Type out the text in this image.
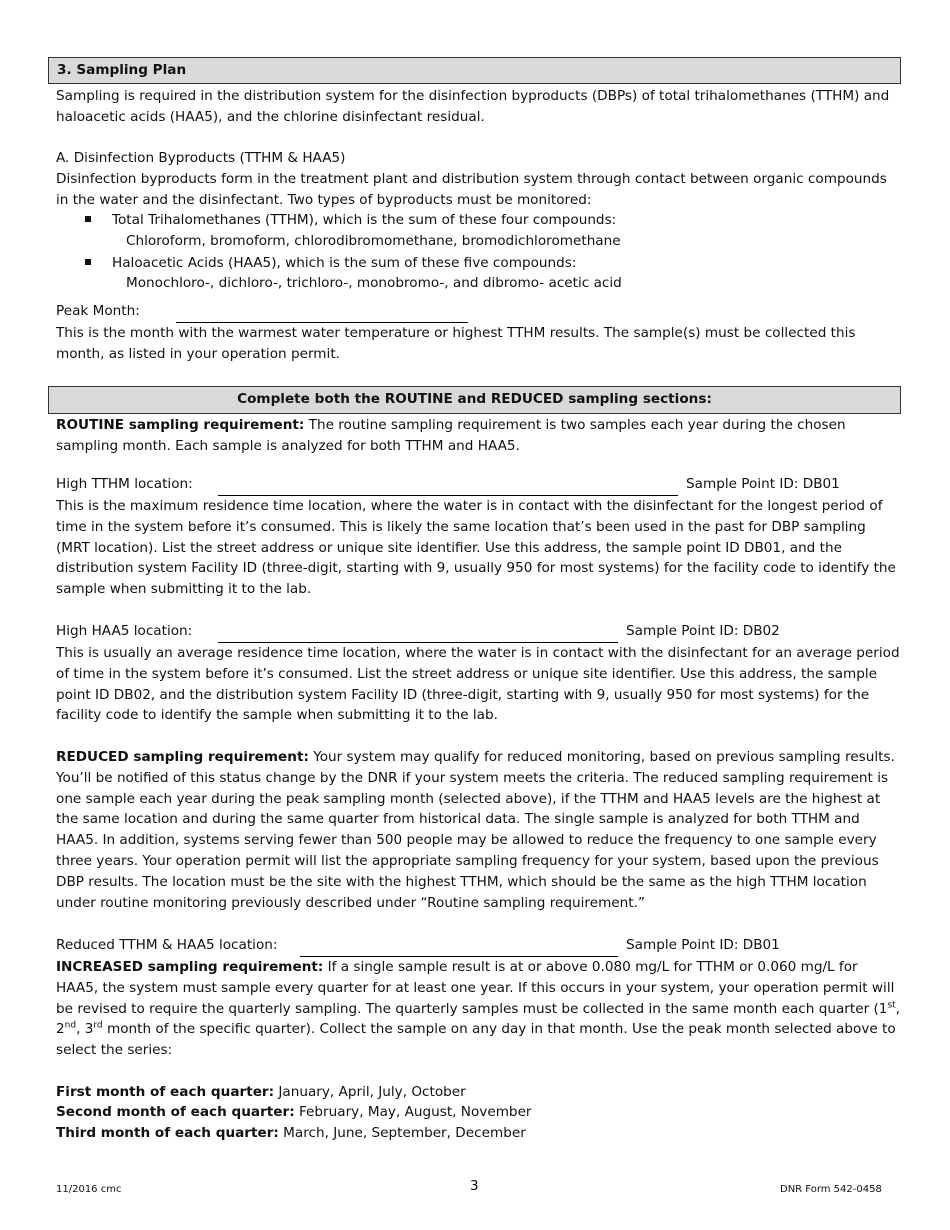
3. Sampling Plan

Sampling is required in the distribution system for the disinfection byproducts (DBPs) of total trihalomethanes (TTHM) and haloacetic acids (HAA5), and the chlorine disinfectant residual.

A. Disinfection Byproducts (TTHM & HAA5)

Disinfection byproducts form in the treatment plant and distribution system through contact between organic compounds in the water and the disinfectant. Two types of byproducts must be monitored:

Total Trihalomethanes (TTHM), which is the sum of these four compounds:

Chloroform, bromoform, chlorodibromomethane, bromodichloromethane

Haloacetic Acids (HAA5), which is the sum of these five compounds:

Monochloro-, dichloro-, trichloro-, monobromo-, and dibromo- acetic acid

Peak Month:

This is the month with the warmest water temperature or highest TTHM results. The sample(s) must be collected this month, as listed in your operation permit.

Complete both the ROUTINE and REDUCED sampling sections:

ROUTINE sampling requirement: The routine sampling requirement is two samples each year during the chosen sampling month. Each sample is analyzed for both TTHM and HAA5.

High TTHM location:	Sample Point ID: DB01

This is the maximum residence time location, where the water is in contact with the disinfectant for the longest period of time in the system before it’s consumed. This is likely the same location that’s been used in the past for DBP sampling (MRT location). List the street address or unique site identifier. Use this address, the sample point ID DB01, and the distribution system Facility ID (three-digit, starting with 9, usually 950 for most systems) for the facility code to identify the sample when submitting it to the lab.

High HAA5 location:	Sample Point ID: DB02

This is usually an average residence time location, where the water is in contact with the disinfectant for an average period of time in the system before it’s consumed. List the street address or unique site identifier. Use this address, the sample point ID DB02, and the distribution system Facility ID (three-digit, starting with 9, usually 950 for most systems) for the facility code to identify the sample when submitting it to the lab.

REDUCED sampling requirement: Your system may qualify for reduced monitoring, based on previous sampling results. You’ll be notified of this status change by the DNR if your system meets the criteria. The reduced sampling requirement is one sample each year during the peak sampling month (selected above), if the TTHM and HAA5 levels are the highest at the same location and during the same quarter from historical data. The single sample is analyzed for both TTHM and HAA5. In addition, systems serving fewer than 500 people may be allowed to reduce the frequency to one sample every three years. Your operation permit will list the appropriate sampling frequency for your system, based upon the previous DBP results. The location must be the site with the highest TTHM, which should be the same as the high TTHM location under routine monitoring previously described under “Routine sampling requirement.”

Reduced TTHM & HAA5 location:	Sample Point ID: DB01

INCREASED sampling requirement: If a single sample result is at or above 0.080 mg/L for TTHM or 0.060 mg/L for HAA5, the system must sample every quarter for at least one year. If this occurs in your system, your operation permit will be revised to require the quarterly sampling. The quarterly samples must be collected in the same month each quarter (1st, 2nd, 3rd month of the specific quarter). Collect the sample on any day in that month. Use the peak month selected above to select the series:

First month of each quarter: January, April, July, October

Second month of each quarter: February, May, August, November

Third month of each quarter: March, June, September, December

11/2016 cmc	3	DNR Form 542-0458
